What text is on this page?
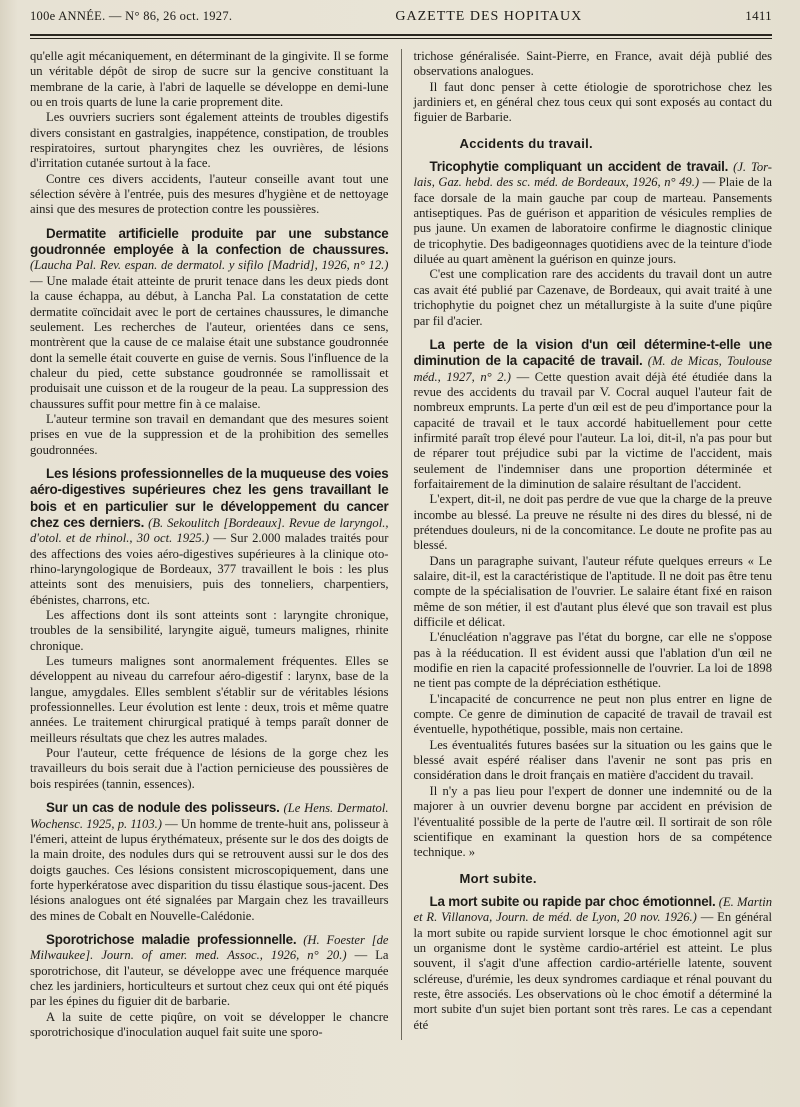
100e ANNÉE. — N° 86, 26 oct. 1927.	GAZETTE DES HOPITAUX	1411

qu'elle agit mécaniquement, en déterminant de la gingivite. Il se forme un véritable dépôt de sirop de sucre sur la gencive constituant la membrane de la carie, à l'abri de laquelle se développe en demi-lune ou en trois quarts de lune la carie proprement dite.

Les ouvriers sucriers sont également atteints de troubles digestifs divers consistant en gastralgies, inappétence, constipation, de troubles respiratoires, surtout pharyngites chez les ouvrières, de lésions d'irritation cutanée surtout à la face.

Contre ces divers accidents, l'auteur conseille avant tout une sélection sévère à l'entrée, puis des mesures d'hygiène et de nettoyage ainsi que des mesures de protection contre les poussières.

Dermatite artificielle produite par une substance goudronnée employée à la confection de chaussures. (Laucha Pal. Rev. espan. de dermatol. y sifilo [Madrid], 1926, n° 12.) — Une malade était atteinte de prurit tenace dans les deux pieds dont la cause échappa, au début, à Lancha Pal. La constatation de cette dermatite coïncidait avec le port de certaines chaussures, le dimanche seulement. Les recherches de l'auteur, orientées dans ce sens, montrèrent que la cause de ce malaise était une substance goudronnée dont la semelle était couverte en guise de vernis. Sous l'influence de la chaleur du pied, cette substance goudronnée se ramollissait et produisait une cuisson et de la rougeur de la peau. La suppression des chaussures suffit pour mettre fin à ce malaise.

L'auteur termine son travail en demandant que des mesures soient prises en vue de la suppression et de la prohibition des semelles goudronnées.

Les lésions professionnelles de la muqueuse des voies aéro-digestives supérieures chez les gens travaillant le bois et en particulier sur le développement du cancer chez ces derniers. (B. Sekoulitch [Bordeaux]. Revue de laryngol., d'otol. et de rhinol., 30 oct. 1925.) — Sur 2.000 malades traités pour des affections des voies aéro-digestives supérieures à la clinique oto-rhino-laryngologique de Bordeaux, 377 travaillent le bois : les plus atteints sont des menuisiers, puis des tonneliers, charpentiers, ébénistes, charrons, etc.

Les affections dont ils sont atteints sont : laryngite chronique, troubles de la sensibilité, laryngite aiguë, tumeurs malignes, rhinite chronique.

Les tumeurs malignes sont anormalement fréquentes. Elles se développent au niveau du carrefour aéro-digestif : larynx, base de la langue, amygdales. Elles semblent s'établir sur de véritables lésions professionnelles. Leur évolution est lente : deux, trois et même quatre années. Le traitement chirurgical pratiqué à temps paraît donner de meilleurs résultats que chez les autres malades.

Pour l'auteur, cette fréquence de lésions de la gorge chez les travailleurs du bois serait due à l'action pernicieuse des poussières de bois respirées (tannin, essences).

Sur un cas de nodule des polisseurs. (Le Hens. Dermatol. Wochensc. 1925, p. 1103.) — Un homme de trente-huit ans, polisseur à l'émeri, atteint de lupus érythémateux, présente sur le dos des doigts de la main droite, des nodules durs qui se retrouvent aussi sur le dos des doigts gauches. Ces lésions consistent microscopiquement, dans une forte hyperkératose avec disparition du tissu élastique sous-jacent. Des lésions analogues ont été signalées par Margain chez les travailleurs des mines de Cobalt en Nouvelle-Calédonie.
Sporotrichose maladie professionnelle. (H. Foester [de Milwaukee]. Journ. of amer. med. Assoc., 1926, n° 20.) — La sporotrichose, dit l'auteur, se développe avec une fréquence marquée chez les jardiniers, horticulteurs et surtout chez ceux qui ont été piqués par les épines du figuier dit de barbarie.

A la suite de cette piqûre, on voit se développer le chancre sporotrichosique d'inoculation auquel fait suite une sporo-

trichose généralisée. Saint-Pierre, en France, avait déjà publié des observations analogues.

Il faut donc penser à cette étiologie de sporotrichose chez les jardiniers et, en général chez tous ceux qui sont exposés au contact du figuier de Barbarie.

Accidents du travail.
Tricophytie compliquant un accident de travail. (J. Tor-lais, Gaz. hebd. des sc. méd. de Bordeaux, 1926, n° 49.) — Plaie de la face dorsale de la main gauche par coup de marteau. Pansements antiseptiques. Pas de guérison et apparition de vésicules remplies de pus jaune. Un examen de laboratoire confirme le diagnostic clinique de tricophytie. Des badigeonnages quotidiens avec de la teinture d'iode diluée au quart amènent la guérison en quinze jours.

C'est une complication rare des accidents du travail dont un autre cas avait été publié par Cazenave, de Bordeaux, qui avait traité à une trichophytie du poignet chez un métallurgiste à la suite d'une piqûre par fil d'acier.

La perte de la vision d'un œil détermine-t-elle une diminution de la capacité de travail. (M. de Micas, Toulouse méd., 1927, n° 2.) — Cette question avait déjà été étudiée dans la revue des accidents du travail par V. Cocral auquel l'auteur fait de nombreux emprunts. La perte d'un œil est de peu d'importance pour la capacité de travail et le taux accordé habituellement pour cette infirmité paraît trop élevé pour l'auteur. La loi, dit-il, n'a pas pour but de réparer tout préjudice subi par la victime de l'accident, mais seulement de l'indemniser dans une proportion déterminée et forfaitairement de la diminution de salaire résultant de l'accident.

L'expert, dit-il, ne doit pas perdre de vue que la charge de la preuve incombe au blessé. La preuve ne résulte ni des dires du blessé, ni de prétendues douleurs, ni de la concomitance. Le doute ne profite pas au blessé.

Dans un paragraphe suivant, l'auteur réfute quelques erreurs « Le salaire, dit-il, est la caractéristique de l'aptitude. Il ne doit pas être tenu compte de la spécialisation de l'ouvrier. Le salaire étant fixé en raison même de son métier, il est d'autant plus élevé que son travail est plus difficile et délicat.

L'énucléation n'aggrave pas l'état du borgne, car elle ne s'oppose pas à la rééducation. Il est évident aussi que l'ablation d'un œil ne modifie en rien la capacité professionnelle de l'ouvrier. La loi de 1898 ne tient pas compte de la dépréciation esthétique.

L'incapacité de concurrence ne peut non plus entrer en ligne de compte. Ce genre de diminution de capacité de travail de travail est éventuelle, hypothétique, possible, mais non certaine.

Les éventualités futures basées sur la situation ou les gains que le blessé avait espéré réaliser dans l'avenir ne sont pas pris en considération dans le droit français en matière d'accident du travail.

Il n'y a pas lieu pour l'expert de donner une indemnité ou de la majorer à un ouvrier devenu borgne par accident en prévision de l'éventualité possible de la perte de l'autre œil. Il sortirait de son rôle scientifique en examinant la question hors de sa compétence technique. »

Mort subite.
La mort subite ou rapide par choc émotionnel. (E. Martin et R. Villanova, Journ. de méd. de Lyon, 20 nov. 1926.) — En général la mort subite ou rapide survient lorsque le choc émotionnel agit sur un organisme dont le système cardio-artériel est atteint. Le plus souvent, il s'agit d'une affection cardio-artérielle latente, souvent scléreuse, d'urémie, les deux syndromes cardiaque et rénal pouvant du reste, être associés. Les observations où le choc émotif a déterminé la mort subite d'un sujet bien portant sont très rares. Le cas a cependant été
